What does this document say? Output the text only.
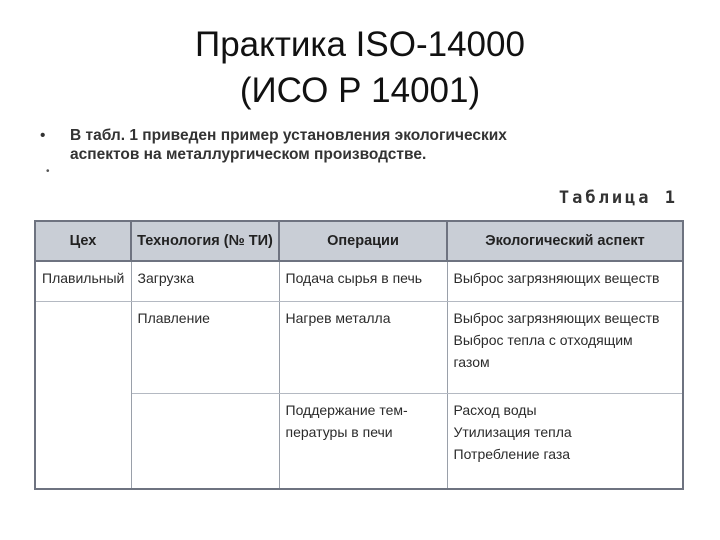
Практика ISO-14000
(ИСО Р 14001)
• В табл. 1 приведен пример установления экологических
аспектов на металлургическом производстве.
•
Таблица 1
Цех	Технология (№ ТИ)	Операции	Экологический аспект
Плавильный	Загрузка	Подача сырья в печь	Выброс загрязняющих веществ

	Плавление	Нагрев металла	Выброс загрязняющих веществ
Выброс тепла с отходящим
газом

		Поддержание тем-
пературы в печи	Расход воды
Утилизация тепла
Потребление газа
